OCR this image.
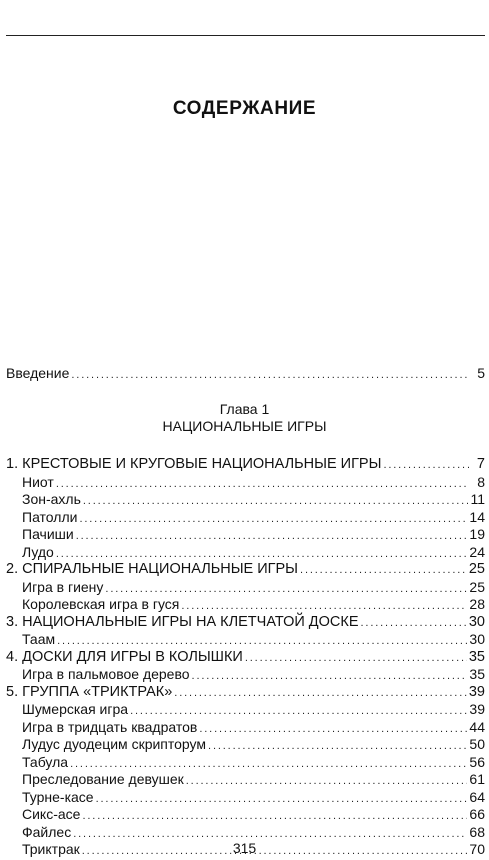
СОДЕРЖАНИЕ
Введение . . .	5
Глава 1
НАЦИОНАЛЬНЫЕ ИГРЫ
1. КРЕСТОВЫЕ И КРУГОВЫЕ НАЦИОНАЛЬНЫЕ ИГРЫ . . .	7
Ниот . . .	8
Зон-ахль . . .	11
Патолли . . .	14
Пачиши . . .	19
Лудо . . .	24
2. СПИРАЛЬНЫЕ НАЦИОНАЛЬНЫЕ ИГРЫ . . .	25
Игра в гиену . . .	25
Королевская игра в гуся . . .	28
3. НАЦИОНАЛЬНЫЕ ИГРЫ НА КЛЕТЧАТОЙ ДОСКЕ . . .	30
Таам . . .	30
4. ДОСКИ ДЛЯ ИГРЫ В КОЛЫШКИ . . .	35
Игра в пальмовое дерево . . .	35
5. ГРУППА «ТРИКТРАК» . . .	39
Шумерская игра . . .	39
Игра в тридцать квадратов . . .	44
Лудус дуодецим скрипторум . . .	50
Табула . . .	56
Преследование девушек . . .	61
Турне-касе . . .	64
Сикс-асе . . .	66
Файлес . . .	68
Триктрак . . .	70
315
